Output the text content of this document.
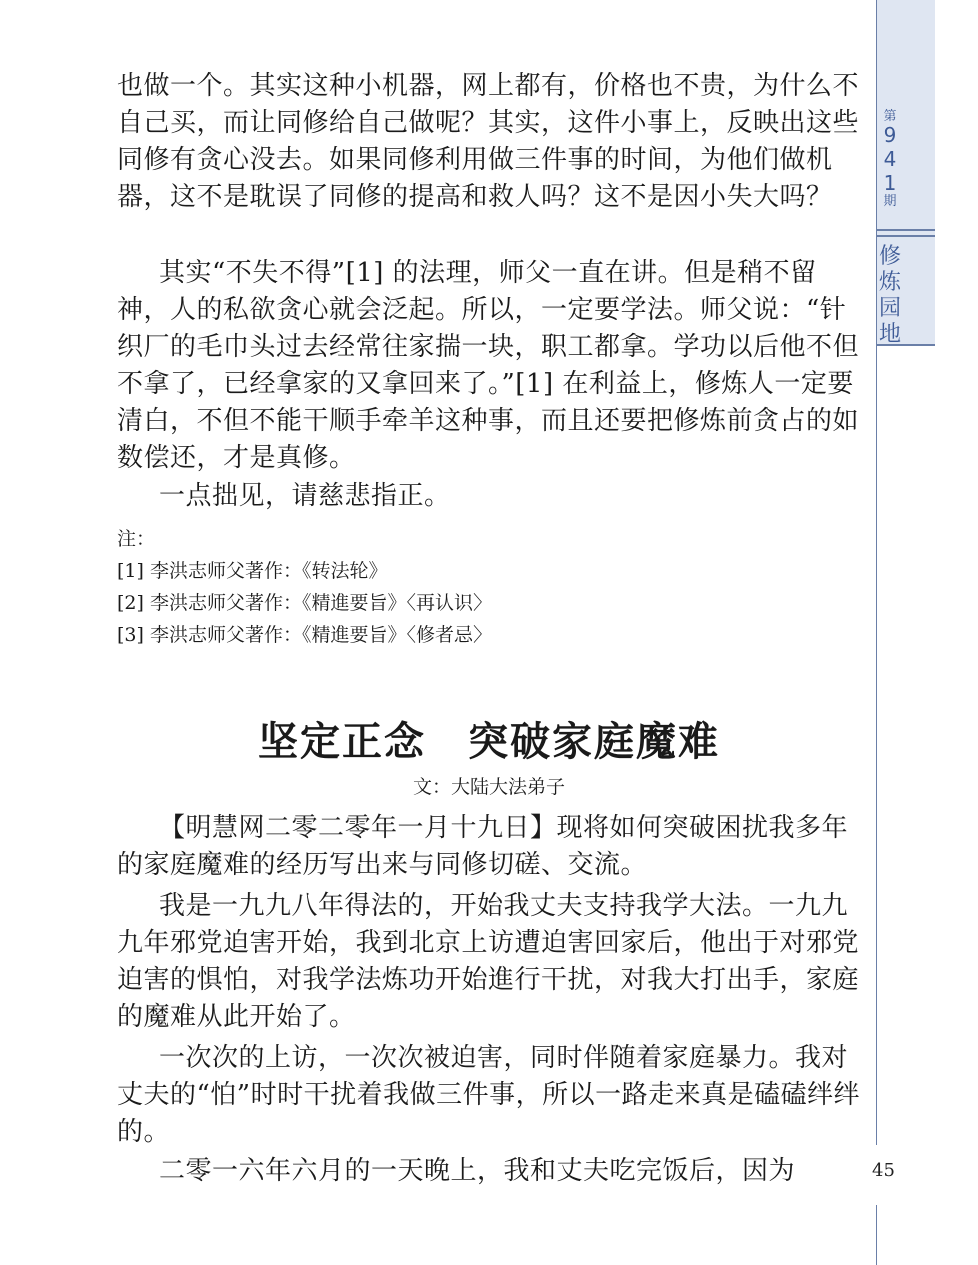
第
9
4
1
期
修
炼
园
地
45
也做一个。其实这种小机器，网上都有，价格也不贵，为什么不自己买，而让同修给自己做呢？其实，这件小事上，反映出这些同修有贪心没去。如果同修利用做三件事的时间，为他们做机器，这不是耽误了同修的提高和救人吗？这不是因小失大吗？
其实“不失不得”[1] 的法理，师父一直在讲。但是稍不留神，人的私欲贪心就会泛起。所以，一定要学法。师父说：“针织厂的毛巾头过去经常往家揣一块，职工都拿。学功以后他不但不拿了，已经拿家的又拿回来了。”[1] 在利益上，修炼人一定要清白，不但不能干顺手牵羊这种事，而且还要把修炼前贪占的如数偿还，才是真修。
一点拙见，请慈悲指正。
注：
[1] 李洪志师父著作：《转法轮》
[2] 李洪志师父著作：《精進要旨》〈再认识〉
[3] 李洪志师父著作：《精進要旨》〈修者忌〉
坚定正念　突破家庭魔难
文：大陆大法弟子
【明慧网二零二零年一月十九日】现将如何突破困扰我多年的家庭魔难的经历写出来与同修切磋、交流。
我是一九九八年得法的，开始我丈夫支持我学大法。一九九九年邪党迫害开始，我到北京上访遭迫害回家后，他出于对邪党迫害的惧怕，对我学法炼功开始進行干扰，对我大打出手，家庭的魔难从此开始了。
一次次的上访，一次次被迫害，同时伴随着家庭暴力。我对丈夫的“怕”时时干扰着我做三件事，所以一路走来真是磕磕绊绊的。
二零一六年六月的一天晚上，我和丈夫吃完饭后，因为
